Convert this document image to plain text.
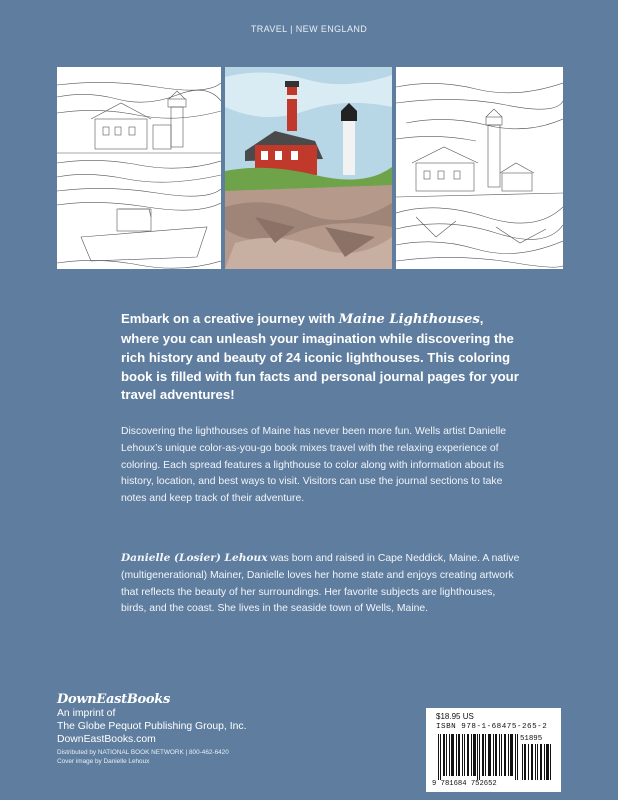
TRAVEL | NEW ENGLAND

Embark on a creative journey with Maine Lighthouses, where you can unleash your imagination while discovering the rich history and beauty of 24 iconic lighthouses. This coloring book is filled with fun facts and personal journal pages for your travel adventures!

Discovering the lighthouses of Maine has never been more fun. Wells artist Danielle Lehoux’s unique color-as-you-go book mixes travel with the relaxing experience of coloring. Each spread features a lighthouse to color along with information about its history, location, and best ways to visit. Visitors can use the journal sections to take notes and keep track of their adventure.

Danielle (Losier) Lehoux was born and raised in Cape Neddick, Maine. A native (multigenerational) Mainer, Danielle loves her home state and enjoys creating artwork that reflects the beauty of her surroundings. Her favorite subjects are lighthouses, birds, and the coast. She lives in the seaside town of Wells, Maine.

DownEastBooks
An imprint of
The Globe Pequot Publishing Group, Inc.
DownEastBooks.com
Distributed by NATIONAL BOOK NETWORK | 800-462-6420
Cover image by Danielle Lehoux
$18.95 US
ISBN 978-1-68475-265-2
51895
9 781684 752652
